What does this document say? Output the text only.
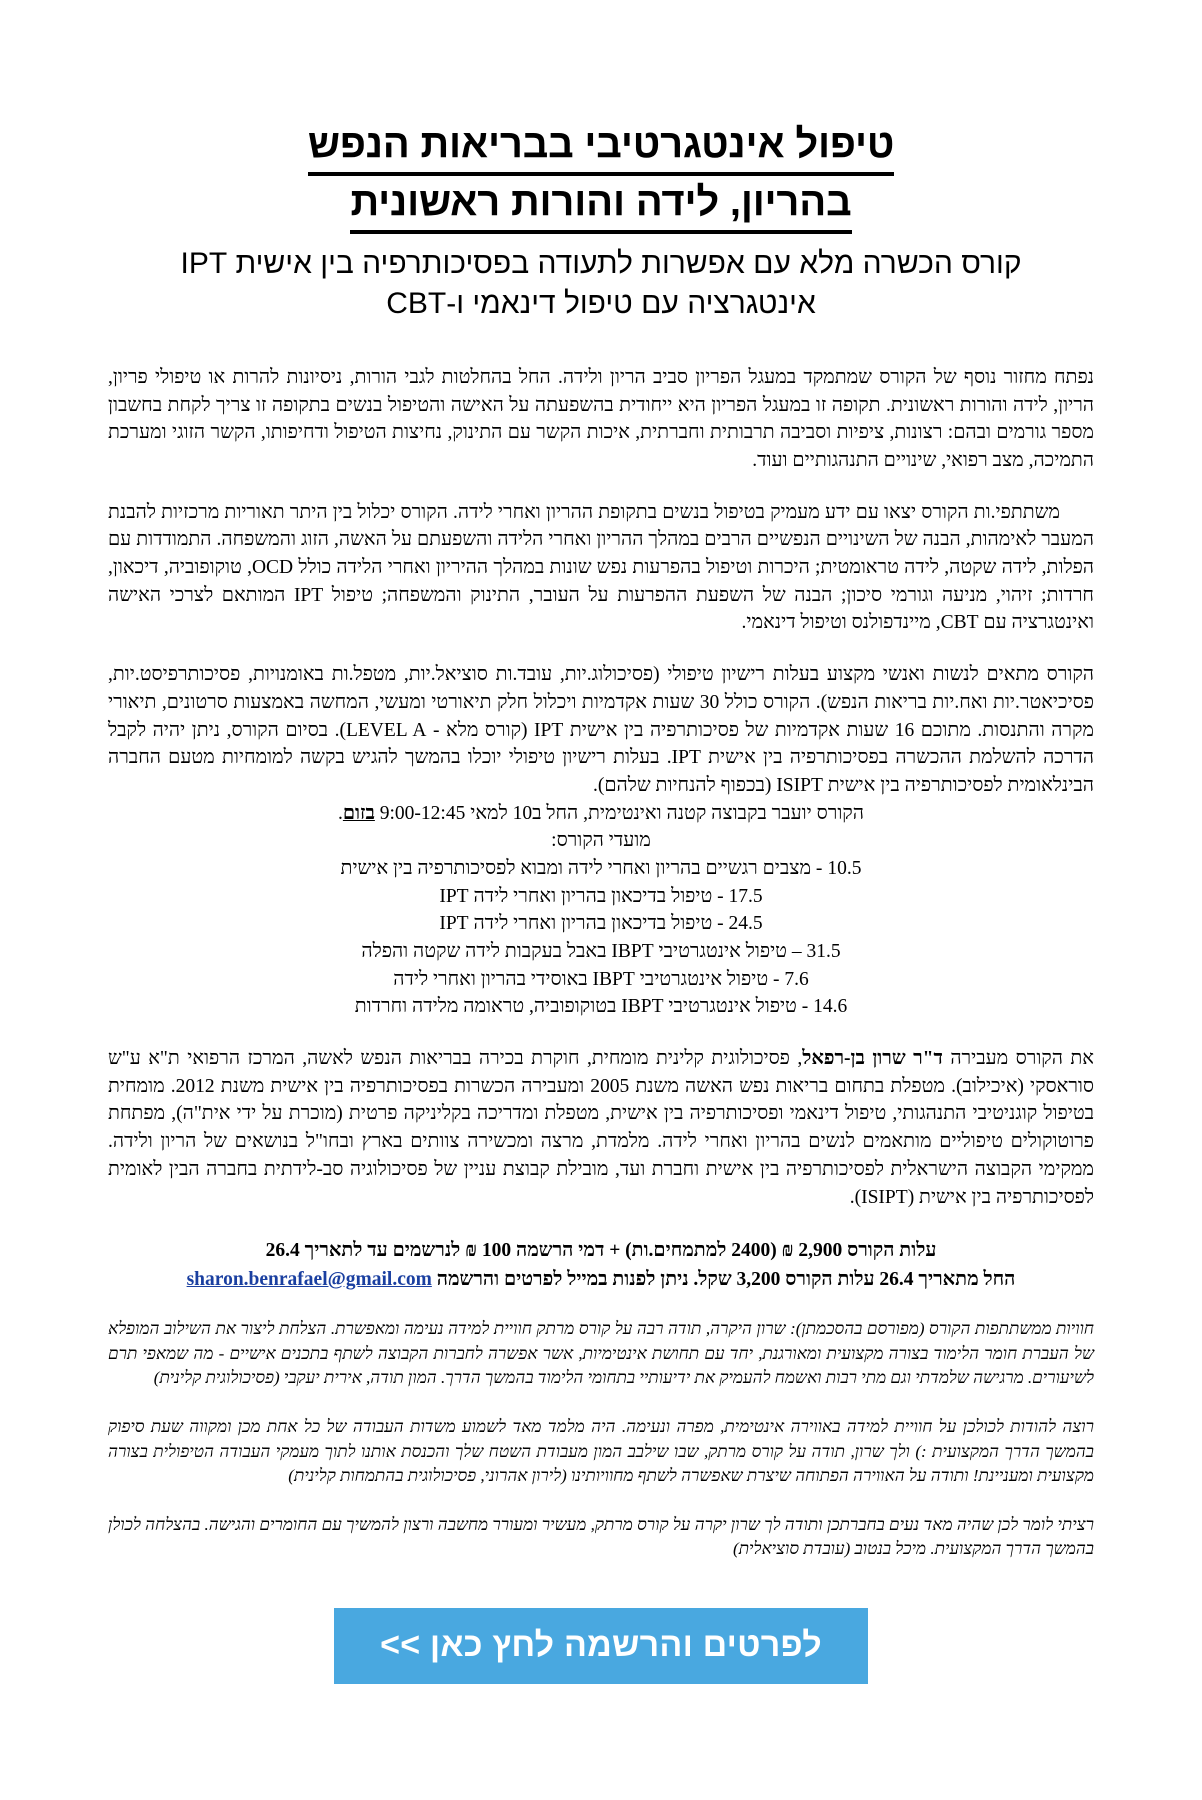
טיפול אינטגרטיבי בבריאות הנפש
בהריון, לידה והורות ראשונית
קורס הכשרה מלא עם אפשרות לתעודה בפסיכותרפיה בין אישית IPT
אינטגרציה עם טיפול דינאמי ו-CBT

נפתח מחזור נוסף של הקורס שמתמקד במעגל הפריון סביב הריון ולידה. החל בהחלטות לגבי הורות, ניסיונות להרות או טיפולי פריון, הריון, לידה והורות ראשונית. תקופה זו במעגל הפריון היא ייחודית בהשפעתה על האישה והטיפול בנשים בתקופה זו צריך לקחת בחשבון מספר גורמים ובהם: רצונות, ציפיות וסביבה תרבותית וחברתית, איכות הקשר עם התינוק, נחיצות הטיפול ודחיפותו, הקשר הזוגי ומערכת התמיכה, מצב רפואי, שינויים התנהגותיים ועוד.

משתתפי.ות הקורס יצאו עם ידע מעמיק בטיפול בנשים בתקופת ההריון ואחרי לידה. הקורס יכלול בין היתר תאוריות מרכזיות להבנת המעבר לאימהות, הבנה של השינויים הנפשיים הרבים במהלך ההריון ואחרי הלידה והשפעתם על האשה, הזוג והמשפחה. התמודדות עם הפלות, לידה שקטה, לידה טראומטית; היכרות וטיפול בהפרעות נפש שונות במהלך ההיריון ואחרי הלידה כולל OCD, טוקופוביה, דיכאון, חרדות; זיהוי, מניעה וגורמי סיכון; הבנה של השפעת ההפרעות על העובר, התינוק והמשפחה; טיפול IPT המותאם לצרכי האישה ואינטגרציה עם CBT, מיינדפולנס וטיפול דינאמי.

הקורס מתאים לנשות ואנשי מקצוע בעלות רישיון טיפולי (פסיכולוג.יות, עובד.ות סוציאל.יות, מטפל.ות באומנויות, פסיכותרפיסט.יות, פסיכיאטר.יות ואח.יות בריאות הנפש). הקורס כולל 30 שעות אקדמיות ויכלול חלק תיאורטי ומעשי, המחשה באמצעות סרטונים, תיאורי מקרה והתנסות. מתוכם 16 שעות אקדמיות של פסיכותרפיה בין אישית IPT (קורס מלא - LEVEL A). בסיום הקורס, ניתן יהיה לקבל הדרכה להשלמת ההכשרה בפסיכותרפיה בין אישית IPT. בעלות רישיון טיפולי יוכלו בהמשך להגיש בקשה למומחיות מטעם החברה הבינלאומית לפסיכותרפיה בין אישית ISIPT (בכפוף להנחיות שלהם).

הקורס יועבר בקבוצה קטנה ואינטימית, החל ב10 למאי 9:00-12:45 בזום.

מועדי הקורס:

10.5 - מצבים רגשיים בהריון ואחרי לידה ומבוא לפסיכותרפיה בין אישית
17.5 - טיפול בדיכאון בהריון ואחרי לידה IPT
24.5 - טיפול בדיכאון בהריון ואחרי לידה IPT
31.5 – טיפול אינטגרטיבי IBPT באבל בעקבות לידה שקטה והפלה
7.6 - טיפול אינטגרטיבי IBPT באוסידי בהריון ואחרי לידה
14.6 - טיפול אינטגרטיבי IBPT בטוקופוביה, טראומה מלידה וחרדות

את הקורס מעבירה ד"ר שרון בן-רפאל, פסיכולוגית קלינית מומחית, חוקרת בכירה בבריאות הנפש לאשה, המרכז הרפואי ת"א ע"ש סוראסקי (איכילוב). מטפלת בתחום בריאות נפש האשה משנת 2005 ומעבירה הכשרות בפסיכותרפיה בין אישית משנת 2012. מומחית בטיפול קוגניטיבי התנהגותי, טיפול דינאמי ופסיכותרפיה בין אישית, מטפלת ומדריכה בקליניקה פרטית (מוכרת על ידי אית"ה), מפתחת פרוטוקולים טיפוליים מותאמים לנשים בהריון ואחרי לידה. מלמדת, מרצה ומכשירה צוותים בארץ ובחו"ל בנושאים של הריון ולידה. ממקימי הקבוצה הישראלית לפסיכותרפיה בין אישית וחברת ועד, מובילת קבוצת עניין של פסיכולוגיה סב-לידתית בחברה הבין לאומית לפסיכותרפיה בין אישית (ISIPT).

עלות הקורס 2,900 ₪ (2400 למתמחים.ות) + דמי הרשמה 100 ₪ לנרשמים עד לתאריך 26.4

החל מתאריך 26.4 עלות הקורס 3,200 שקל. ניתן לפנות במייל לפרטים והרשמה sharon.benrafael@gmail.com

חוויות ממשתתפות הקורס (מפורסם בהסכמתן): שרון היקרה, תודה רבה על קורס מרתק חוויית למידה נעימה ומאפשרת. הצלחת ליצור את השילוב המופלא של העברת חומר הלימוד בצורה מקצועית ומאורגנת, יחד עם תחושת אינטימיות, אשר אפשרה לחברות הקבוצה לשתף בתכנים אישיים - מה שמאפי תרם לשיעורים. מרגישה שלמדתי וגם מתי רבות ואשמח להעמיק את ידיעותיי בתחומי הלימוד בהמשך הדרך. המון תודה, אירית יעקבי (פסיכולוגית קלינית)

רוצה להודות לכולכן על חוויית למידה באווירה אינטימית, מפרה ונעימה. היה מלמד מאד לשמוע משדות העבודה של כל אחת מכן ומקווה שעת סיפוק בהמשך הדרך המקצועית :) ולך שרון, תודה על קורס מרתק, שבו שילבב המון מעבודת השטח שלך והכנסת אותנו לתוך מעמקי העבודה הטיפולית בצורה מקצועית ומעניינת! ותודה על האווירה הפתוחה שיצרת שאפשרה לשתף מחוויותינו (לירון אהרוני, פסיכולוגית בהתמחות קלינית)

רציתי לומר לכן שהיה מאד נעים בחברתכן ותודה לך שרון יקרה על קורס מרתק, מעשיר ומעורר מחשבה ורצון להמשיך עם החומרים והגישה. בהצלחה לכולן בהמשך הדרך המקצועית. מיכל בנטוב (עובדת סוציאלית)

לפרטים והרשמה לחץ כאן >>
